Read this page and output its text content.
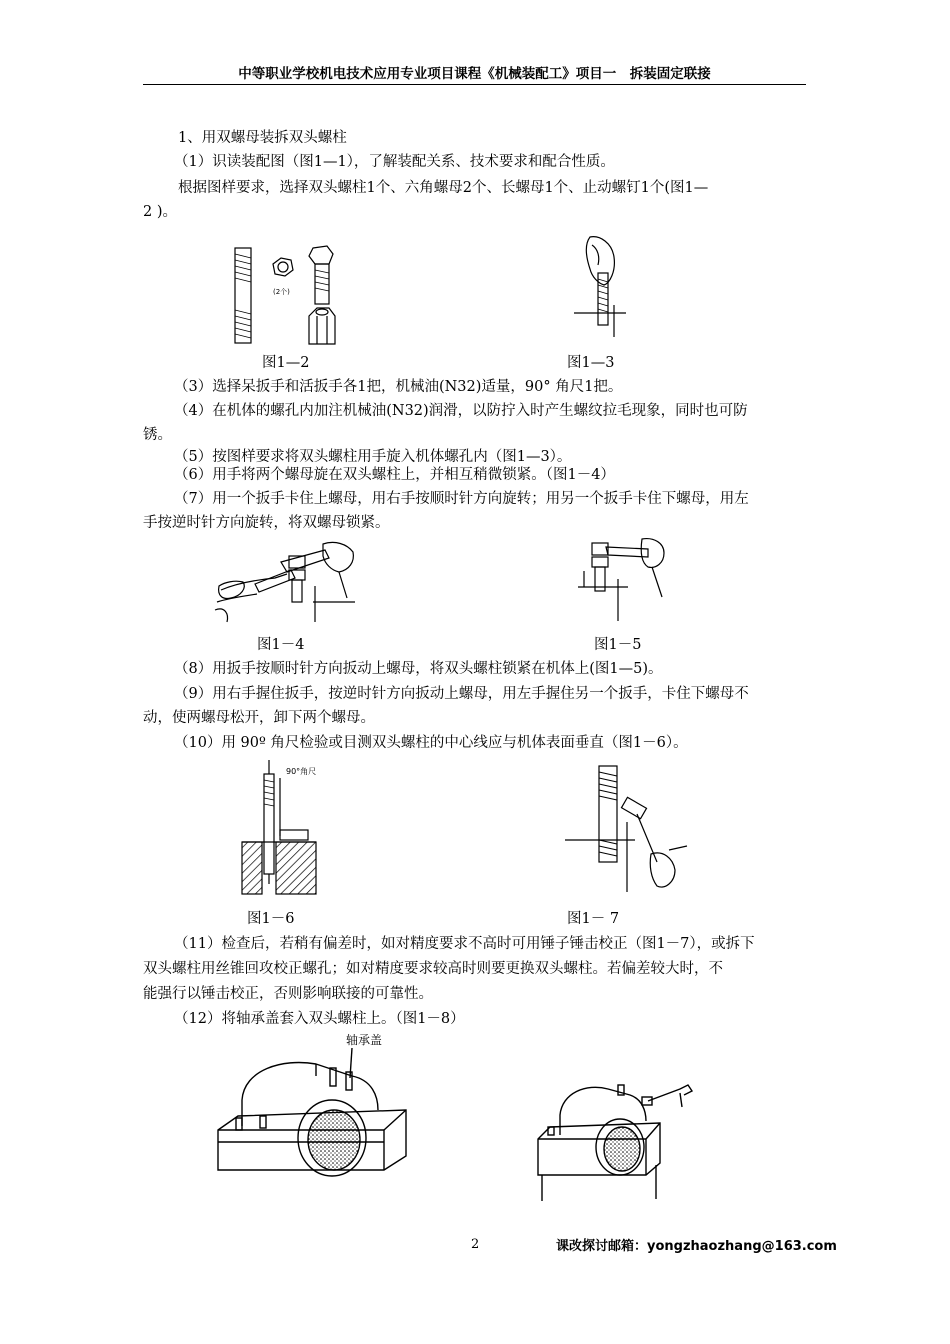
中等职业学校机电技术应用专业项目课程《机械装配工》项目一　拆装固定联接
1、用双螺母装拆双头螺柱
（1）识读装配图（图1—1），了解装配关系、技术要求和配合性质。
根据图样要求，选择双头螺柱1个、六角螺母2个、长螺母1个、止动螺钉1个(图1—
2 )。
(2个)
图1—2	图1—3
（3）选择呆扳手和活扳手各1把，机械油(N32)适量，90° 角尺1把。
（4）在机体的螺孔内加注机械油(N32)润滑，以防拧入时产生螺纹拉毛现象，同时也可防
锈。
（5）按图样要求将双头螺柱用手旋入机体螺孔内（图1—3）。
（6）用手将两个螺母旋在双头螺柱上，并相互稍微锁紧。（图1－4）
（7）用一个扳手卡住上螺母，用右手按顺时针方向旋转；用另一个扳手卡住下螺母，用左
手按逆时针方向旋转，将双螺母锁紧。
图1－4	图1－5
（8）用扳手按顺时针方向扳动上螺母，将双头螺柱锁紧在机体上(图1—5)。
（9）用右手握住扳手，按逆时针方向扳动上螺母，用左手握住另一个扳手，卡住下螺母不
动，使两螺母松开，卸下两个螺母。
（10）用 90º 角尺检验或目测双头螺柱的中心线应与机体表面垂直（图1－6）。
90°角尺
图1－6	图1－ 7
（11）检查后，若稍有偏差时，如对精度要求不高时可用锤子锤击校正（图1－7），或拆下
双头螺柱用丝锥回攻校正螺孔；如对精度要求较高时则要更换双头螺柱。若偏差较大时，不
能强行以锤击校正，否则影响联接的可靠性。
（12）将轴承盖套入双头螺柱上。（图1－8）
轴承盖
2	课改探讨邮箱：yongzhaozhang@163.com
